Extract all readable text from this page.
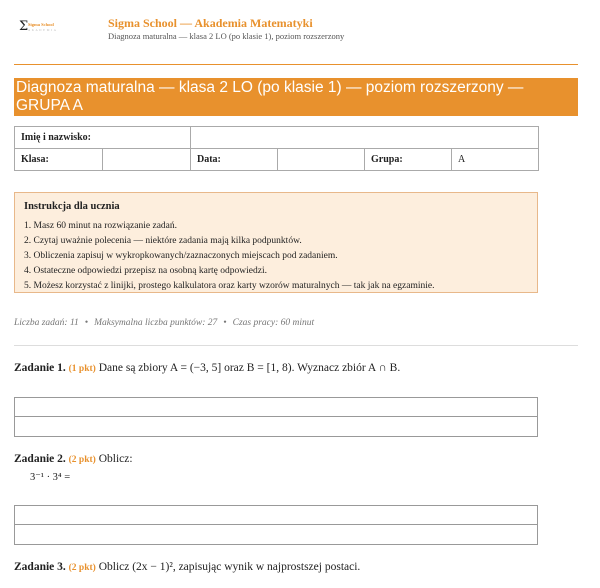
Σ Sigma School
A K A D E M I A	Sigma School — Akademia Matematyki
Diagnoza maturalna — klasa 2 LO (po klasie 1), poziom rozszerzony
Diagnoza maturalna — klasa 2 LO (po klasie 1) — poziom rozszerzony — GRUPA A
Imię i nazwisko:					
Klasa:		Data:		Grupa:	A
Instrukcja dla ucznia
1. Masz 60 minut na rozwiązanie zadań.
2. Czytaj uważnie polecenia — niektóre zadania mają kilka podpunktów.
3. Obliczenia zapisuj w wykropkowanych/zaznaczonych miejscach pod zadaniem.
4. Ostateczne odpowiedzi przepisz na osobną kartę odpowiedzi.
5. Możesz korzystać z linijki, prostego kalkulatora oraz karty wzorów maturalnych — tak jak na egzaminie.
Liczba zadań: 11 • Maksymalna liczba punktów: 27 • Czas pracy: 60 minut
Zadanie 1. (1 pkt) Dane są zbiory A = (−3, 5] oraz B = [1, 8). Wyznacz zbiór A ∩ B.
Zadanie 2. (2 pkt) Oblicz:
3⁻¹ · 3⁴ =
Zadanie 3. (2 pkt) Oblicz (2x − 1)², zapisując wynik w najprostszej postaci.
